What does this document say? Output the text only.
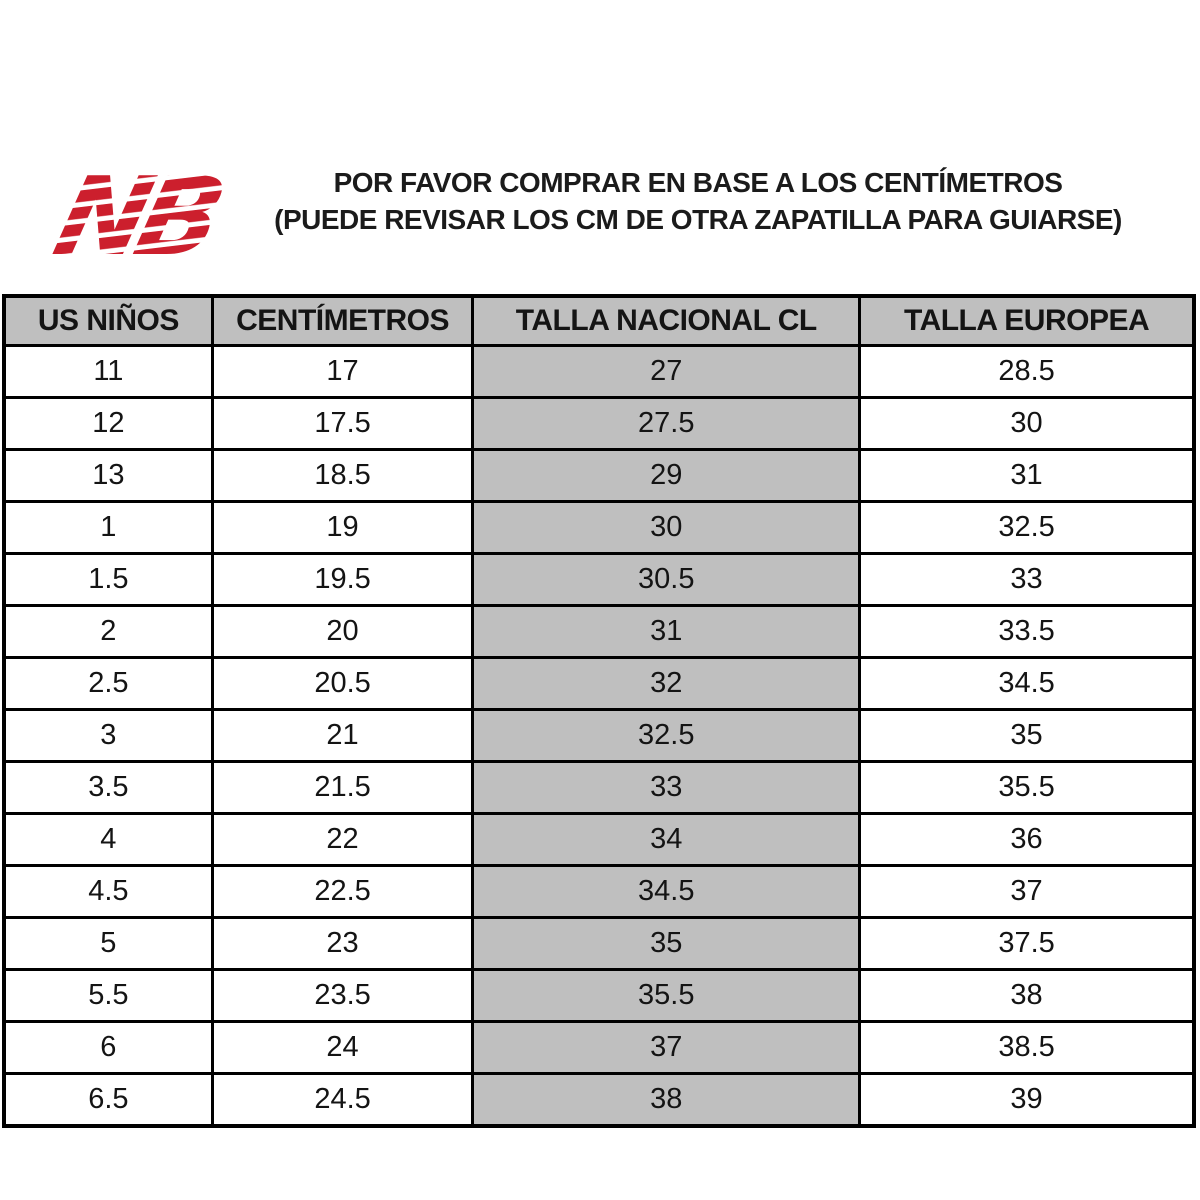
NB	POR FAVOR COMPRAR EN BASE A LOS CENTÍMETROS
(PUEDE REVISAR LOS CM DE OTRA ZAPATILLA PARA GUIARSE)
US NIÑOS	CENTÍMETROS	TALLA NACIONAL CL	TALLA EUROPEA
11	17	27	28.5
12	17.5	27.5	30
13	18.5	29	31
1	19	30	32.5
1.5	19.5	30.5	33
2	20	31	33.5
2.5	20.5	32	34.5
3	21	32.5	35
3.5	21.5	33	35.5
4	22	34	36
4.5	22.5	34.5	37
5	23	35	37.5
5.5	23.5	35.5	38
6	24	37	38.5
6.5	24.5	38	39
